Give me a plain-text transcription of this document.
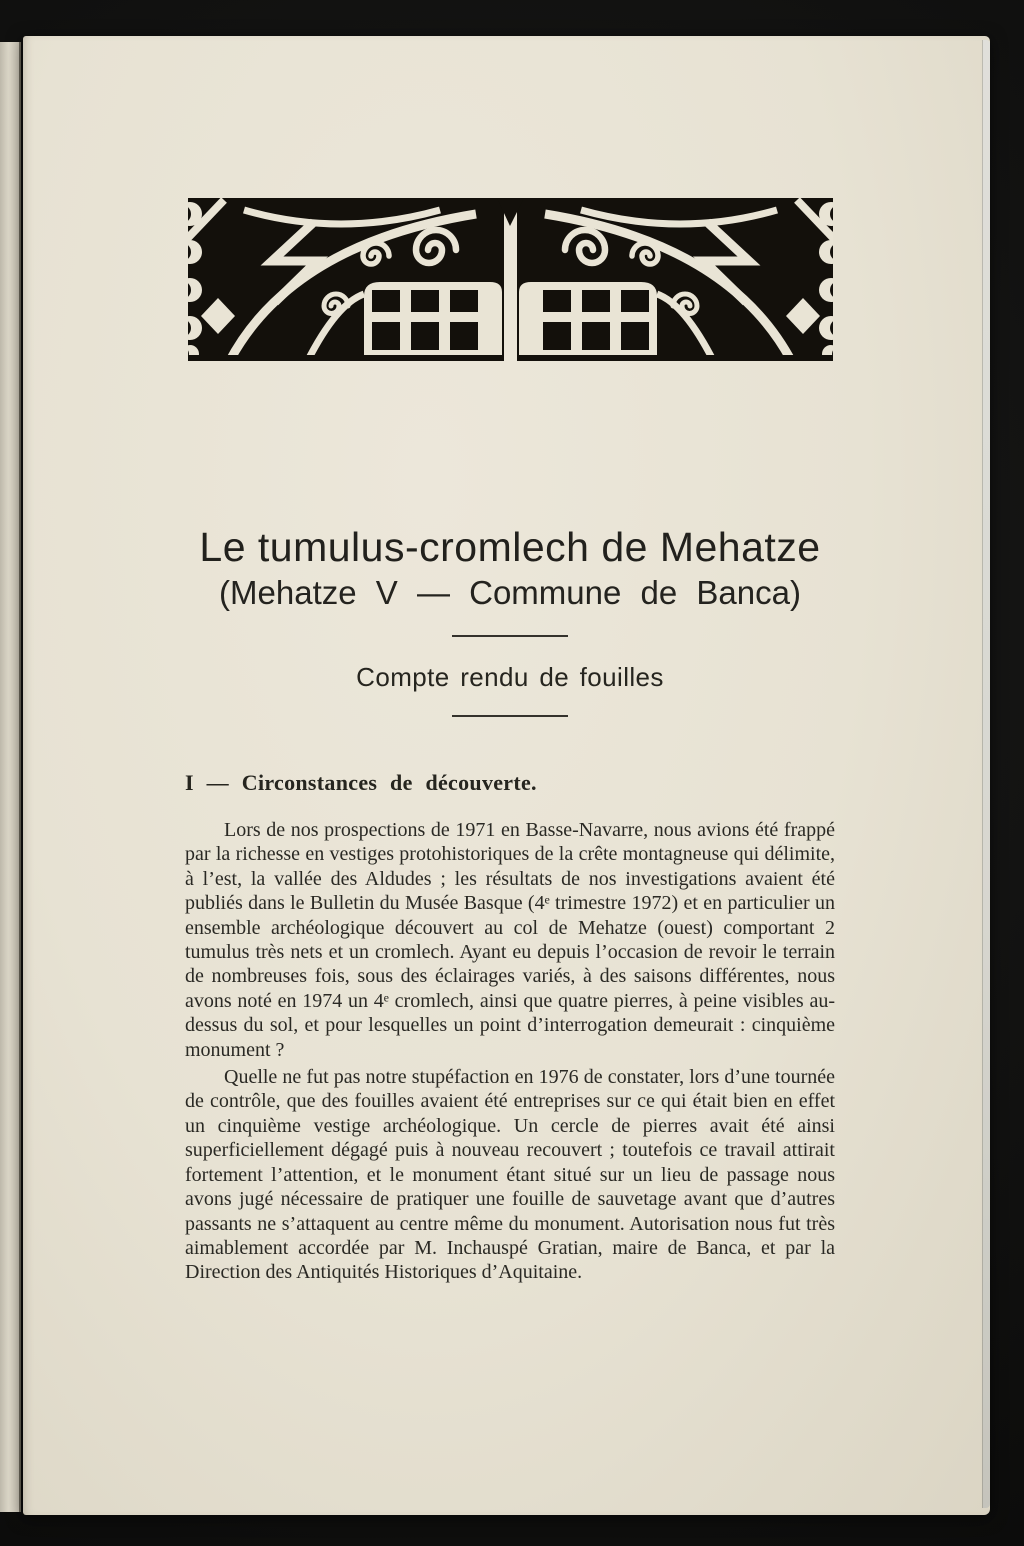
Le tumulus-cromlech de Mehatze
(Mehatze V — Commune de Banca)
Compte rendu de fouilles
I — Circonstances de découverte.

Lors de nos prospections de 1971 en Basse-Navarre, nous avions été frappé par la richesse en vestiges protohistoriques de la crête montagneuse qui délimite, à l’est, la vallée des Aldudes ; les résultats de nos investigations avaient été publiés dans le Bulletin du Musée Basque (4ᵉ trimestre 1972) et en particulier un ensemble archéologique découvert au col de Mehatze (ouest) comportant 2 tumulus très nets et un cromlech. Ayant eu depuis l’occasion de revoir le terrain de nombreuses fois, sous des éclairages variés, à des saisons différentes, nous avons noté en 1974 un 4ᵉ cromlech, ainsi que quatre pierres, à peine visibles au-dessus du sol, et pour lesquelles un point d’interrogation demeurait : cinquième monument ?

Quelle ne fut pas notre stupéfaction en 1976 de constater, lors d’une tournée de contrôle, que des fouilles avaient été entreprises sur ce qui était bien en effet un cinquième vestige archéologique. Un cercle de pierres avait été ainsi superficiellement dégagé puis à nouveau recouvert ; toutefois ce travail attirait fortement l’attention, et le monument étant situé sur un lieu de passage nous avons jugé nécessaire de pratiquer une fouille de sauvetage avant que d’autres passants ne s’attaquent au centre même du monument. Autorisation nous fut très aimablement accordée par M. Inchauspé Gratian, maire de Banca, et par la Direction des Antiquités Historiques d’Aquitaine.
